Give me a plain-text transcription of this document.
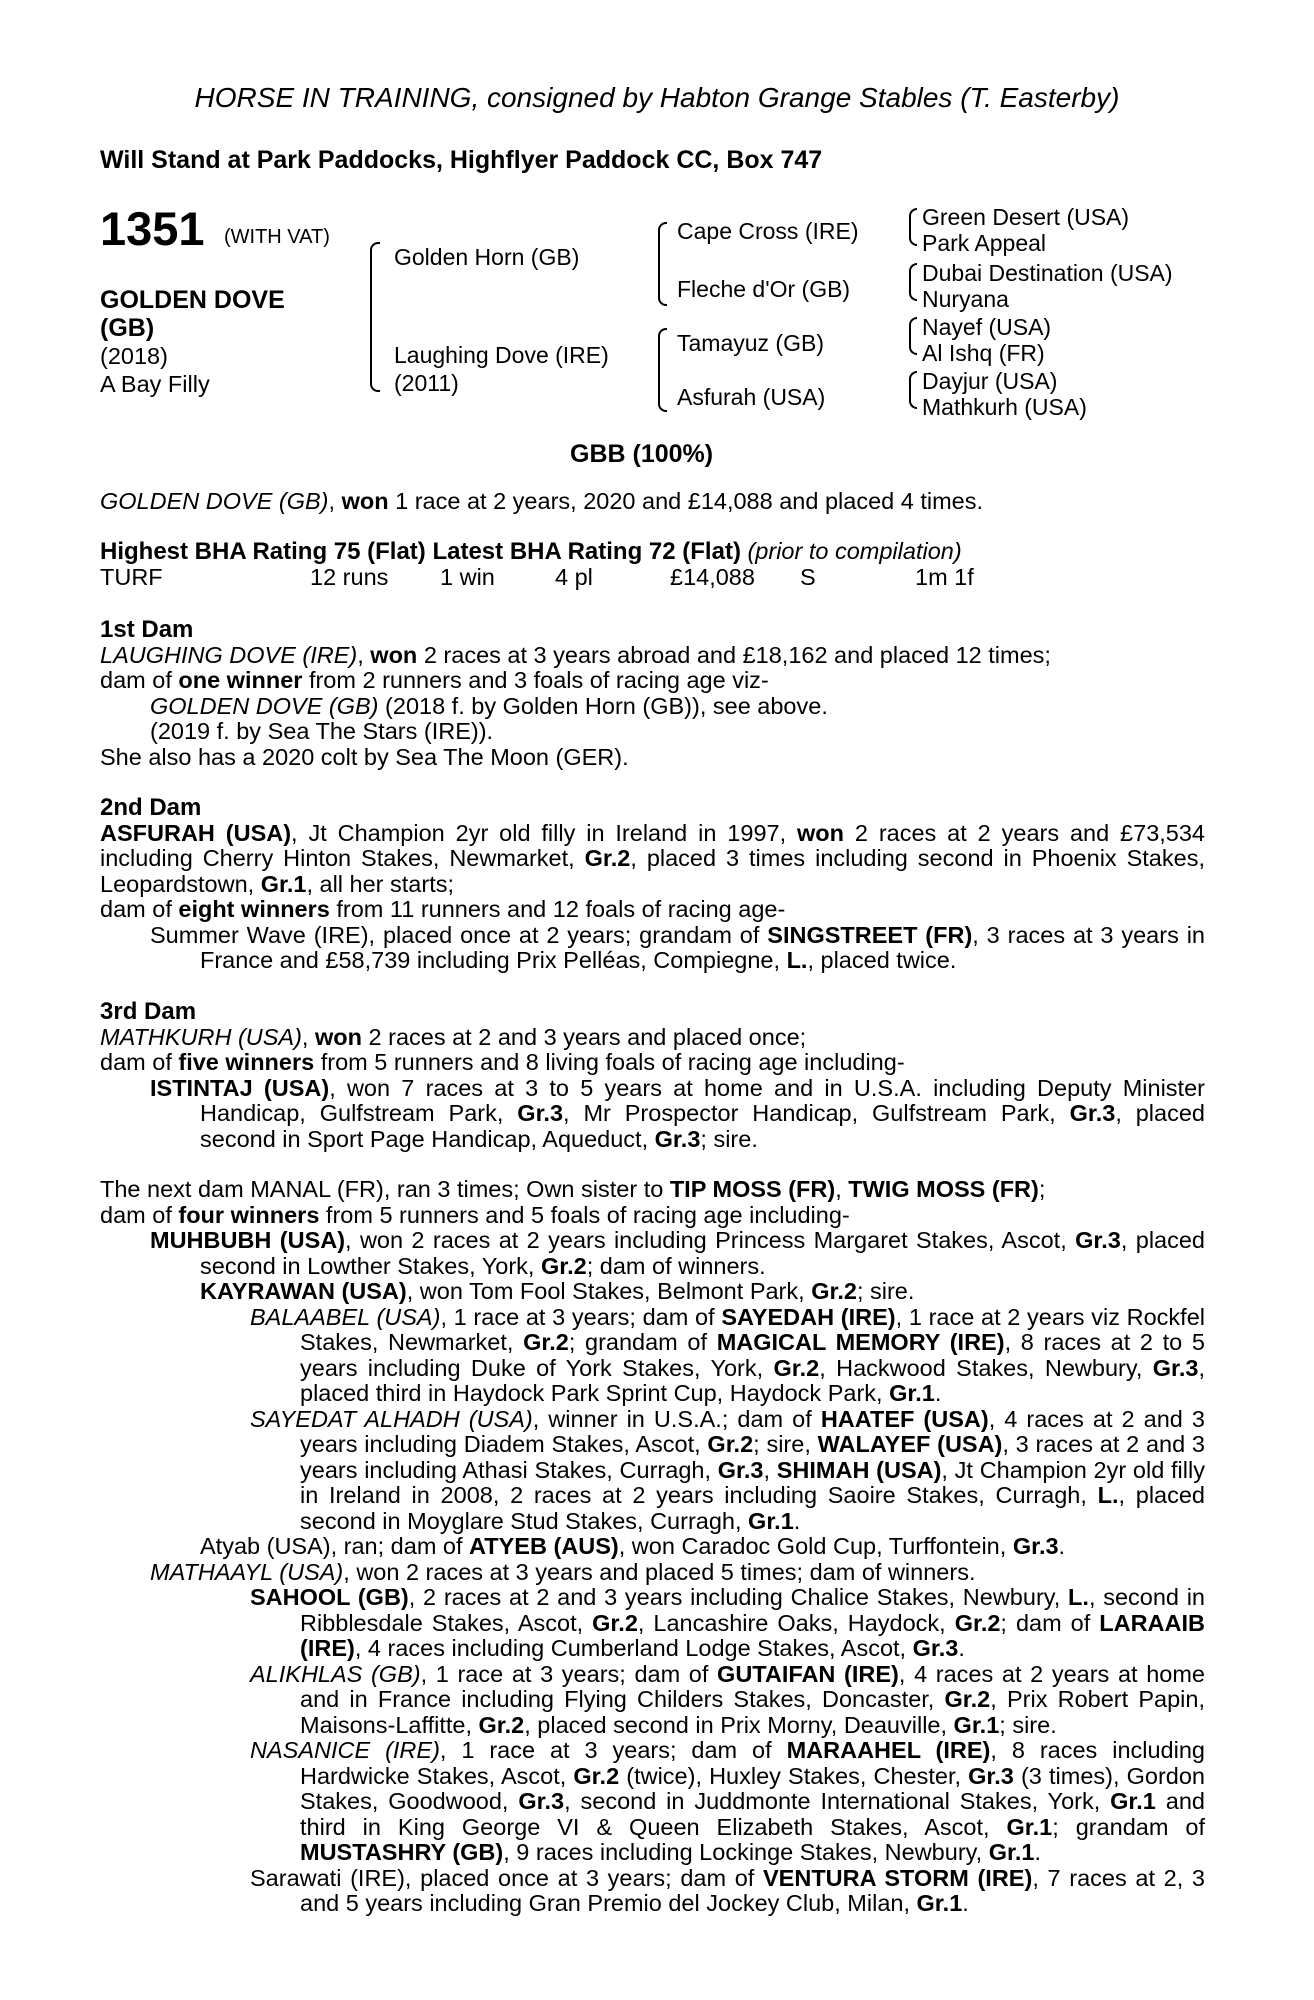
HORSE IN TRAINING, consigned by Habton Grange Stables (T. Easterby)
Will Stand at Park Paddocks, Highflyer Paddock CC, Box 747
1351 (WITH VAT)
GOLDEN DOVE
(GB)
(2018)
A Bay Filly
Golden Horn (GB)
Laughing Dove (IRE)
(2011)
Cape Cross (IRE)
Fleche d'Or (GB)
Tamayuz (GB)
Asfurah (USA)
Green Desert (USA)
Park Appeal
Dubai Destination (USA)
Nuryana
Nayef (USA)
Al Ishq (FR)
Dayjur (USA)
Mathkurh (USA)
GBB (100%)

GOLDEN DOVE (GB), won 1 race at 2 years, 2020 and £14,088 and placed 4 times.

Highest BHA Rating 75 (Flat) Latest BHA Rating 72 (Flat) (prior to compilation)

TURF	12 runs 1 win	4 pl	£14,088 S	1m 1f

1st Dam

LAUGHING DOVE (IRE), won 2 races at 3 years abroad and £18,162 and placed 12 times;

dam of one winner from 2 runners and 3 foals of racing age viz-

GOLDEN DOVE (GB) (2018 f. by Golden Horn (GB)), see above.

(2019 f. by Sea The Stars (IRE)).

She also has a 2020 colt by Sea The Moon (GER).

2nd Dam

ASFURAH (USA), Jt Champion 2yr old filly in Ireland in 1997, won 2 races at 2 years and £73,534 including Cherry Hinton Stakes, Newmarket, Gr.2, placed 3 times including second in Phoenix Stakes, Leopardstown, Gr.1, all her starts;

dam of eight winners from 11 runners and 12 foals of racing age-

Summer Wave (IRE), placed once at 2 years; grandam of SINGSTREET (FR), 3 races at 3 years in France and £58,739 including Prix Pelléas, Compiegne, L., placed twice.

3rd Dam

MATHKURH (USA), won 2 races at 2 and 3 years and placed once;

dam of five winners from 5 runners and 8 living foals of racing age including-

ISTINTAJ (USA), won 7 races at 3 to 5 years at home and in U.S.A. including Deputy Minister Handicap, Gulfstream Park, Gr.3, Mr Prospector Handicap, Gulfstream Park, Gr.3, placed second in Sport Page Handicap, Aqueduct, Gr.3; sire.

The next dam MANAL (FR), ran 3 times; Own sister to TIP MOSS (FR), TWIG MOSS (FR);

dam of four winners from 5 runners and 5 foals of racing age including-

MUHBUBH (USA), won 2 races at 2 years including Princess Margaret Stakes, Ascot, Gr.3, placed second in Lowther Stakes, York, Gr.2; dam of winners.

KAYRAWAN (USA), won Tom Fool Stakes, Belmont Park, Gr.2; sire.

BALAABEL (USA), 1 race at 3 years; dam of SAYEDAH (IRE), 1 race at 2 years viz Rockfel Stakes, Newmarket, Gr.2; grandam of MAGICAL MEMORY (IRE), 8 races at 2 to 5 years including Duke of York Stakes, York, Gr.2, Hackwood Stakes, Newbury, Gr.3, placed third in Haydock Park Sprint Cup, Haydock Park, Gr.1.

SAYEDAT ALHADH (USA), winner in U.S.A.; dam of HAATEF (USA), 4 races at 2 and 3 years including Diadem Stakes, Ascot, Gr.2; sire, WALAYEF (USA), 3 races at 2 and 3 years including Athasi Stakes, Curragh, Gr.3, SHIMAH (USA), Jt Champion 2yr old filly in Ireland in 2008, 2 races at 2 years including Saoire Stakes, Curragh, L., placed second in Moyglare Stud Stakes, Curragh, Gr.1.

Atyab (USA), ran; dam of ATYEB (AUS), won Caradoc Gold Cup, Turffontein, Gr.3.

MATHAAYL (USA), won 2 races at 3 years and placed 5 times; dam of winners.

SAHOOL (GB), 2 races at 2 and 3 years including Chalice Stakes, Newbury, L., second in Ribblesdale Stakes, Ascot, Gr.2, Lancashire Oaks, Haydock, Gr.2; dam of LARAAIB (IRE), 4 races including Cumberland Lodge Stakes, Ascot, Gr.3.

ALIKHLAS (GB), 1 race at 3 years; dam of GUTAIFAN (IRE), 4 races at 2 years at home and in France including Flying Childers Stakes, Doncaster, Gr.2, Prix Robert Papin, Maisons-Laffitte, Gr.2, placed second in Prix Morny, Deauville, Gr.1; sire.

NASANICE (IRE), 1 race at 3 years; dam of MARAAHEL (IRE), 8 races including Hardwicke Stakes, Ascot, Gr.2 (twice), Huxley Stakes, Chester, Gr.3 (3 times), Gordon Stakes, Goodwood, Gr.3, second in Juddmonte International Stakes, York, Gr.1 and third in King George VI & Queen Elizabeth Stakes, Ascot, Gr.1; grandam of MUSTASHRY (GB), 9 races including Lockinge Stakes, Newbury, Gr.1.

Sarawati (IRE), placed once at 3 years; dam of VENTURA STORM (IRE), 7 races at 2, 3 and 5 years including Gran Premio del Jockey Club, Milan, Gr.1.
